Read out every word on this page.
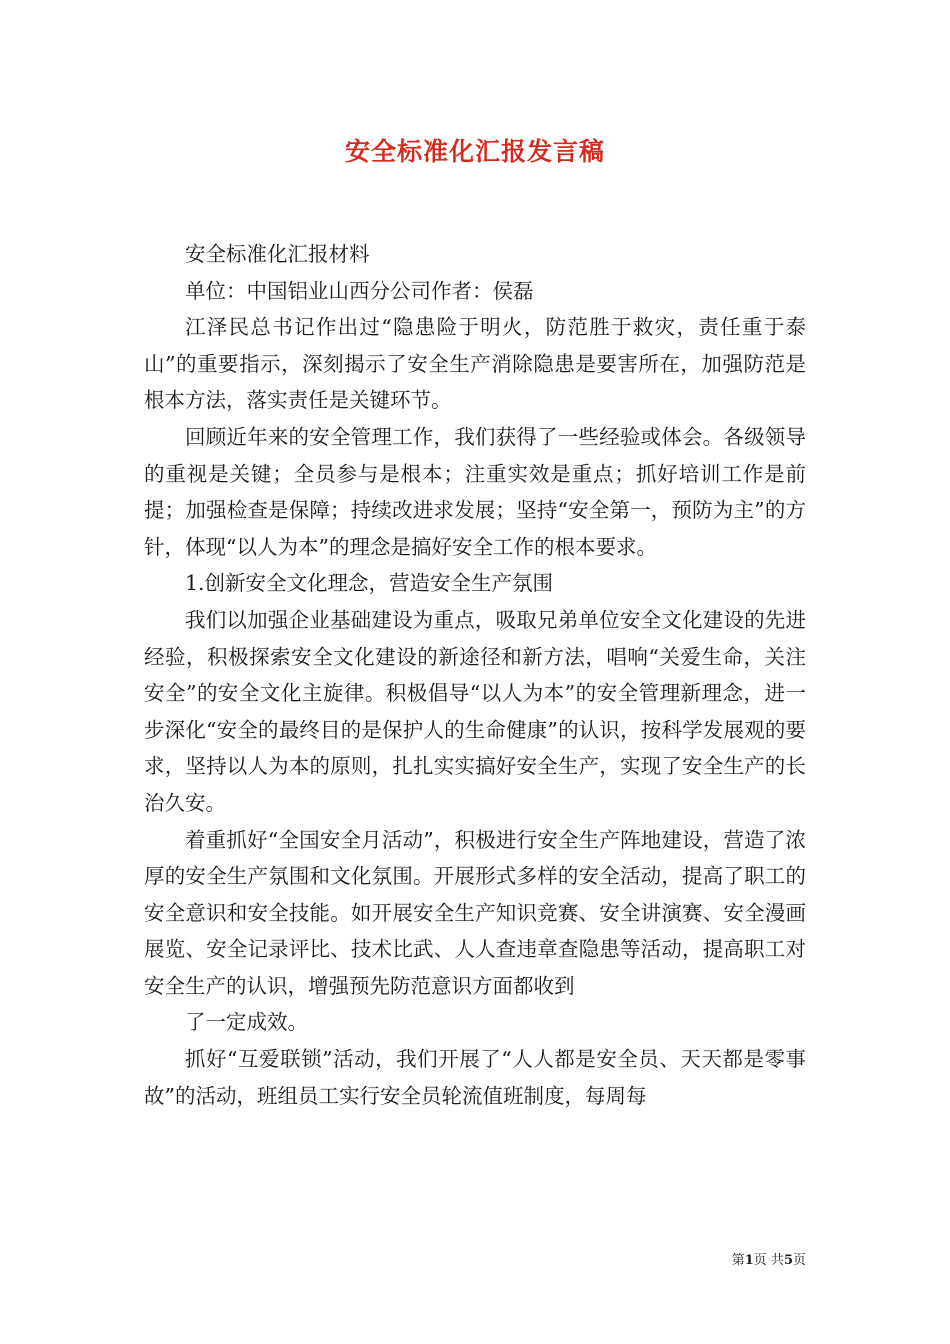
安全标准化汇报发言稿

安全标准化汇报材料

单位：中国铝业山西分公司作者：侯磊

江泽民总书记作出过“隐患险于明火，防范胜于救灾，责任重于泰山”的重要指示，深刻揭示了安全生产消除隐患是要害所在，加强防范是根本方法，落实责任是关键环节。

回顾近年来的安全管理工作，我们获得了一些经验或体会。各级领导的重视是关键；全员参与是根本；注重实效是重点；抓好培训工作是前提；加强检查是保障；持续改进求发展；坚持“安全第一，预防为主”的方针，体现“以人为本”的理念是搞好安全工作的根本要求。

1.创新安全文化理念，营造安全生产氛围

我们以加强企业基础建设为重点，吸取兄弟单位安全文化建设的先进经验，积极探索安全文化建设的新途径和新方法，唱响“关爱生命，关注安全”的安全文化主旋律。积极倡导“以人为本”的安全管理新理念，进一步深化“安全的最终目的是保护人的生命健康”的认识，按科学发展观的要求，坚持以人为本的原则，扎扎实实搞好安全生产，实现了安全生产的长治久安。

着重抓好“全国安全月活动”，积极进行安全生产阵地建设，营造了浓厚的安全生产氛围和文化氛围。开展形式多样的安全活动，提高了职工的安全意识和安全技能。如开展安全生产知识竞赛、安全讲演赛、安全漫画展览、安全记录评比、技术比武、人人查违章查隐患等活动，提高职工对安全生产的认识，增强预先防范意识方面都收到

了一定成效。

抓好“互爱联锁”活动，我们开展了“人人都是安全员、天天都是零事故”的活动，班组员工实行安全员轮流值班制度，每周每

第1页 共5页
